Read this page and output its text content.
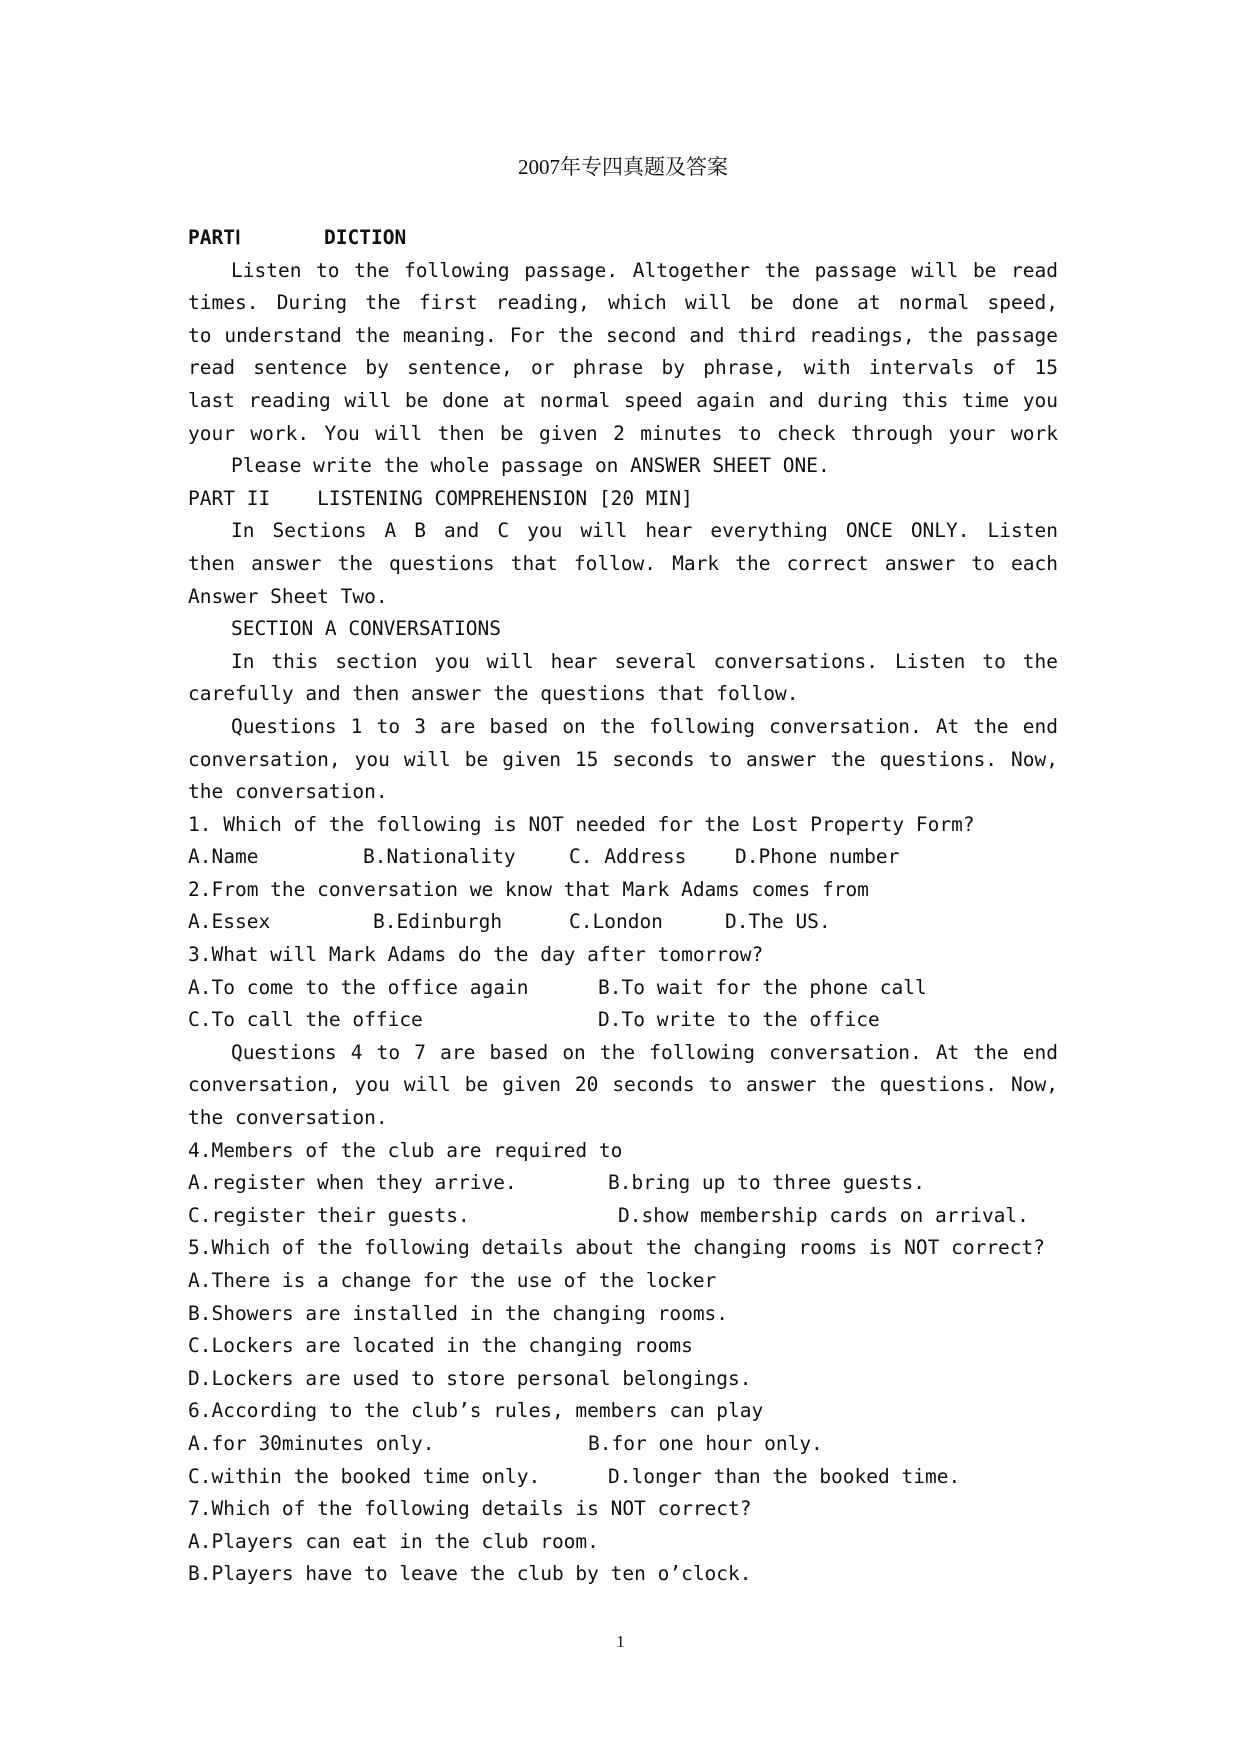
2007年专四真题及答案
PARTⅠ	DICTION
Listen to the following passage. Altogether the passage will be read
times. During the first reading, which will be done at normal speed,
to understand the meaning. For the second and third readings, the passage
read sentence by sentence, or phrase by phrase, with intervals of 15
last reading will be done at normal speed again and during this time you
your work. You will then be given 2 minutes to check through your work
Please write the whole passage on ANSWER SHEET ONE.
PART II    LISTENING COMPREHENSION [20 MIN]
In Sections A B and C you will hear everything ONCE ONLY. Listen
then answer the questions that follow. Mark the correct answer to each
Answer Sheet Two.
SECTION A CONVERSATIONS
In this section you will hear several conversations. Listen to the
carefully and then answer the questions that follow.
Questions 1 to 3 are based on the following conversation. At the end
conversation, you will be given 15 seconds to answer the questions. Now,
the conversation.
1. Which of the following is NOT needed for the Lost Property Form?
A.Name	B.Nationality	C. Address	D.Phone number
2.From the conversation we know that Mark Adams comes from
A.Essex	B.Edinburgh	C.London	D.The US.
3.What will Mark Adams do the day after tomorrow?
A.To come to the office again	B.To wait for the phone call
C.To call the office	D.To write to the office
Questions 4 to 7 are based on the following conversation. At the end
conversation, you will be given 20 seconds to answer the questions. Now,
the conversation.
4.Members of the club are required to
A.register when they arrive.	B.bring up to three guests.
C.register their guests.	D.show membership cards on arrival.
5.Which of the following details about the changing rooms is NOT correct?
A.There is a change for the use of the locker
B.Showers are installed in the changing rooms.
C.Lockers are located in the changing rooms
D.Lockers are used to store personal belongings.
6.According to the club’s rules, members can play
A.for 30minutes only.	B.for one hour only.
C.within the booked time only.	D.longer than the booked time.
7.Which of the following details is NOT correct?
A.Players can eat in the club room.
B.Players have to leave the club by ten o’clock.
1
